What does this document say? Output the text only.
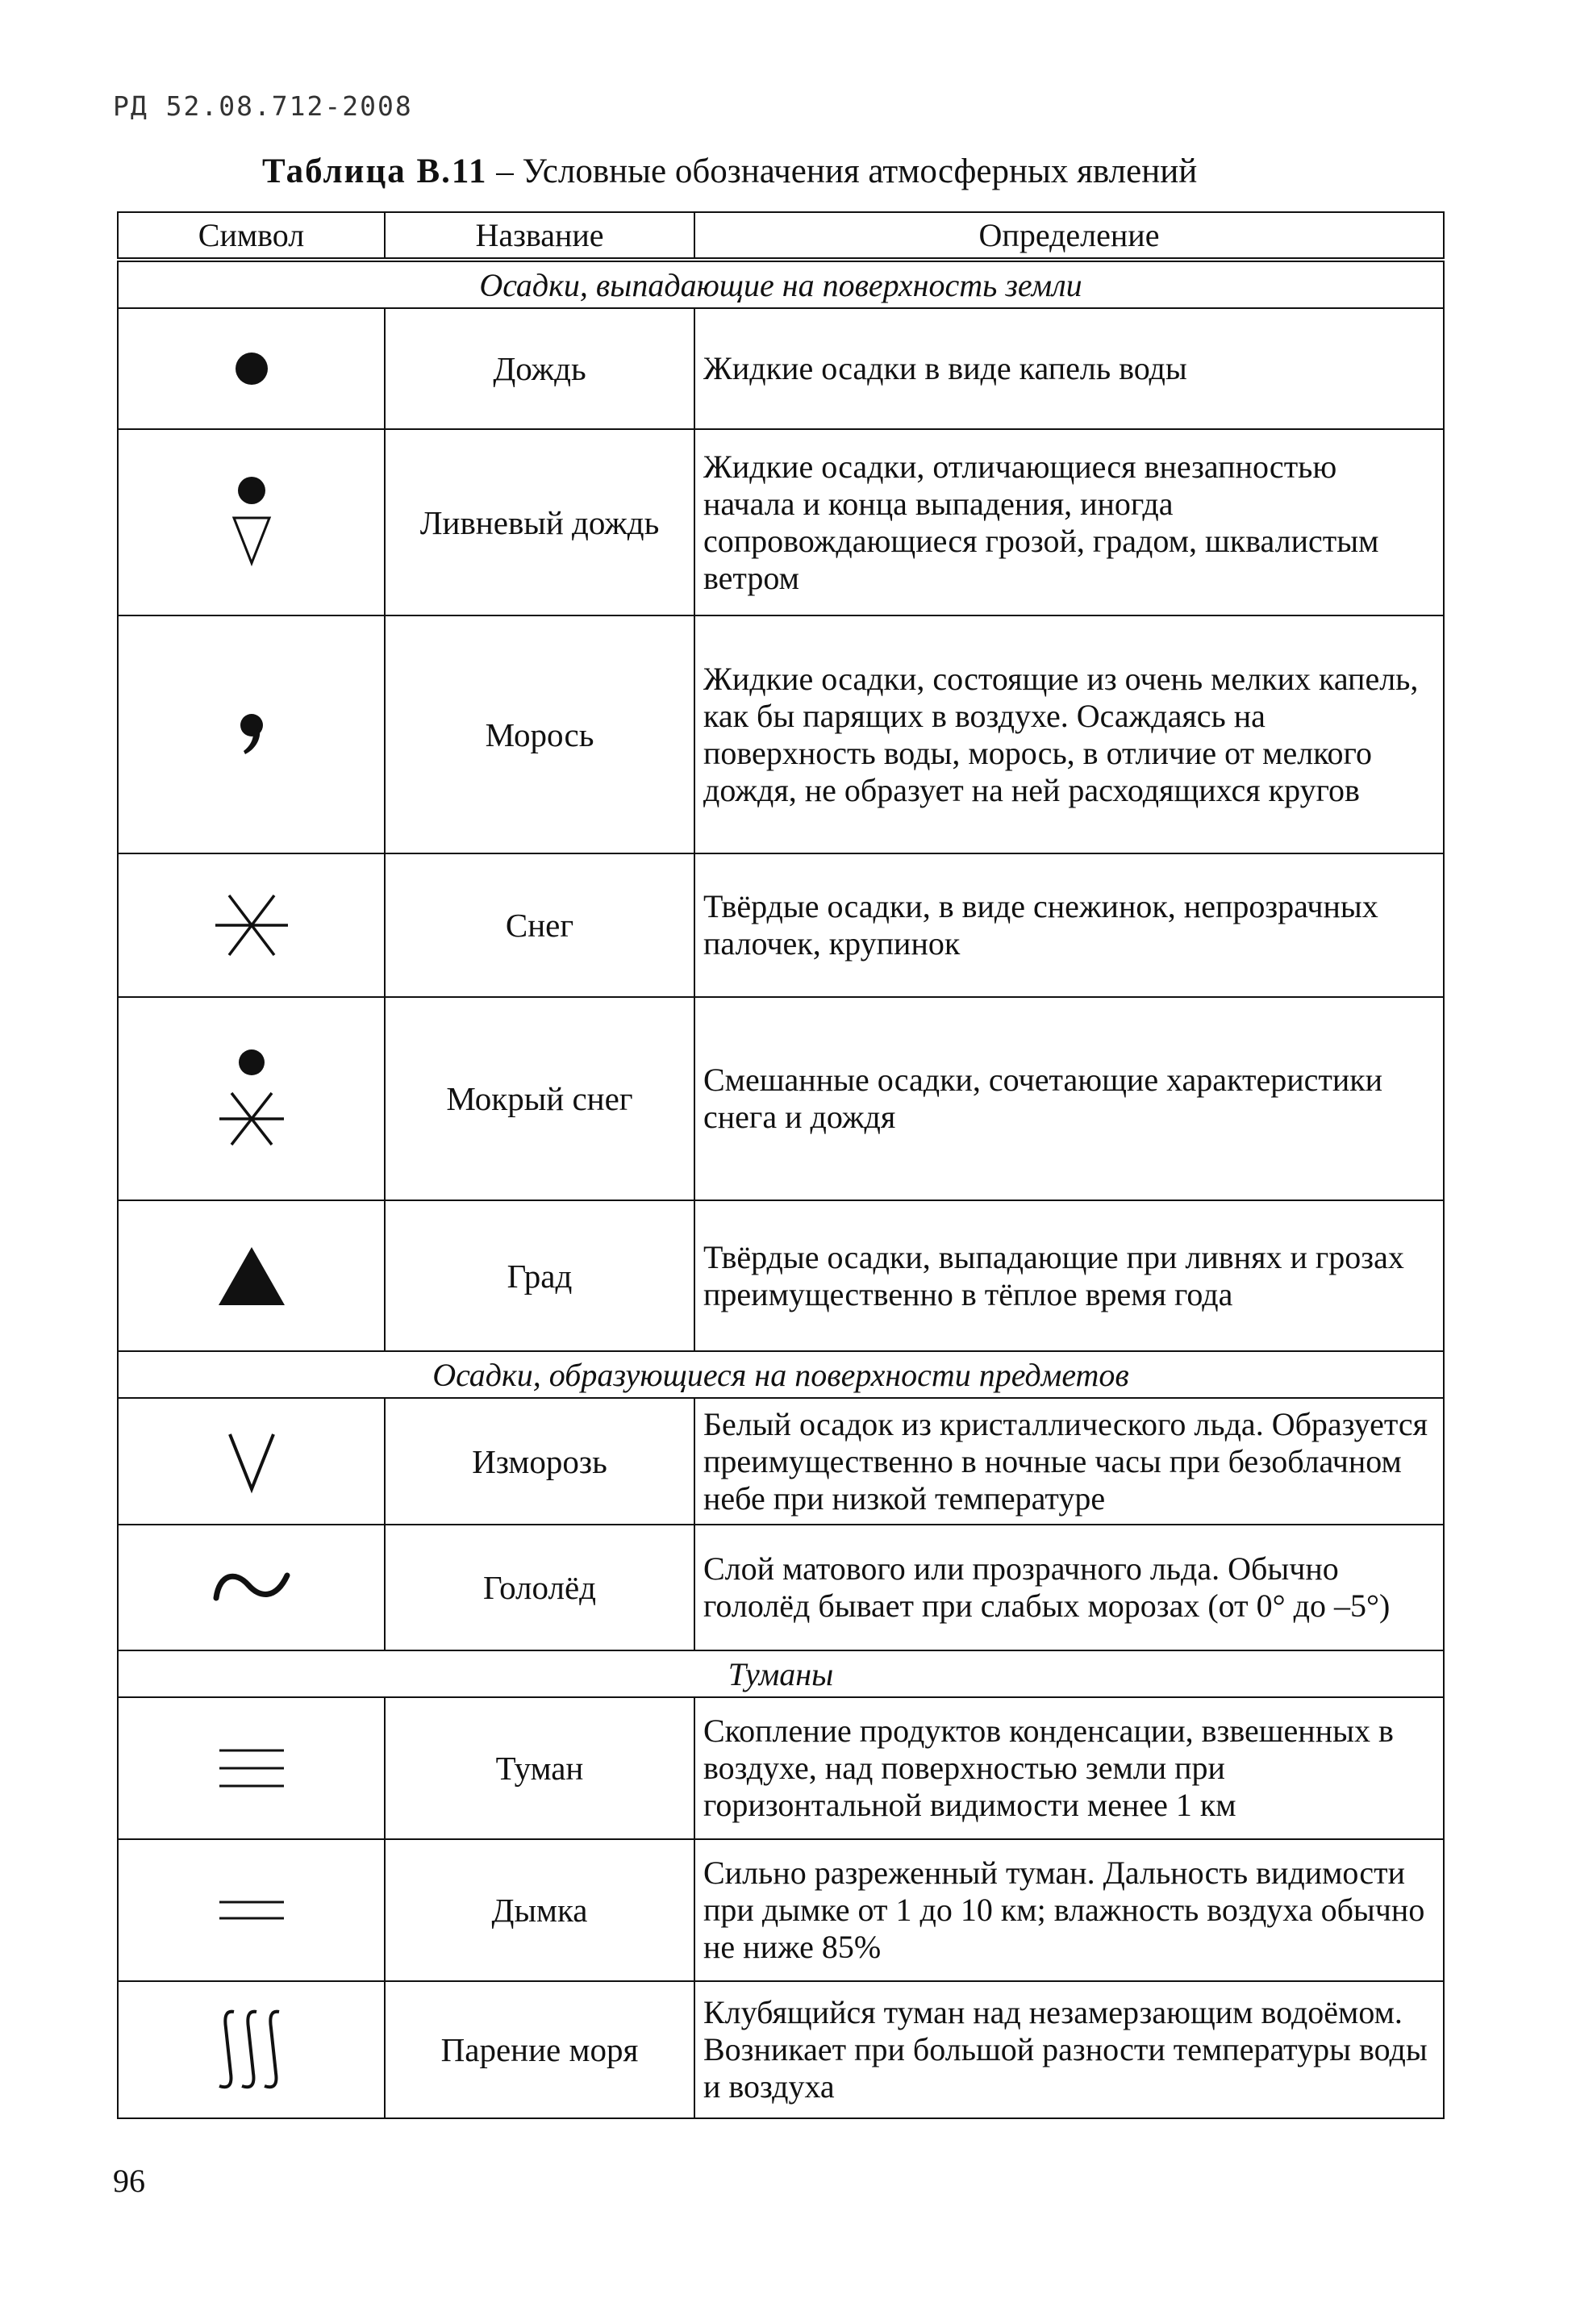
РД 52.08.712-2008
Таблица В.11 – Условные обозначения атмосферных явлений
Символ	Название	Определение
Осадки, выпадающие на поверхность земли		
	Дождь	Жидкие осадки в виде капель воды
	Ливневый дождь	Жидкие осадки, отличающиеся внезапностью начала и конца выпадения, иногда сопровождающиеся грозой, градом, шквалистым ветром
	Морось	Жидкие осадки, состоящие из очень мелких капель, как бы парящих в воздухе. Осаждаясь на поверхность воды, морось, в отличие от мелкого дождя, не образует на ней расходящихся кругов
	Снег	Твёрдые осадки, в виде снежинок, непрозрачных палочек, крупинок
	Мокрый снег	Смешанные осадки, сочетающие характеристики снега и дождя
	Град	Твёрдые осадки, выпадающие при ливнях и грозах преимущественно в тёплое время года
Осадки, образующиеся на поверхности предметов		
	Изморозь	Белый осадок из кристаллического льда. Образуется преимущественно в ночные часы при безоблачном небе при низкой температуре
	Гололёд	Слой матового или прозрачного льда. Обычно гололёд бывает при слабых морозах (от 0° до –5°)
Туманы		
	Туман	Скопление продуктов конденсации, взвешенных в воздухе, над поверхностью земли при горизонтальной видимости менее 1 км
	Дымка	Сильно разреженный туман. Дальность видимости при дымке от 1 до 10 км; влажность воздуха обычно не ниже 85%
	Парение моря	Клубящийся туман над незамерзающим водоёмом. Возникает при большой разности температуры воды и воздуха
96
